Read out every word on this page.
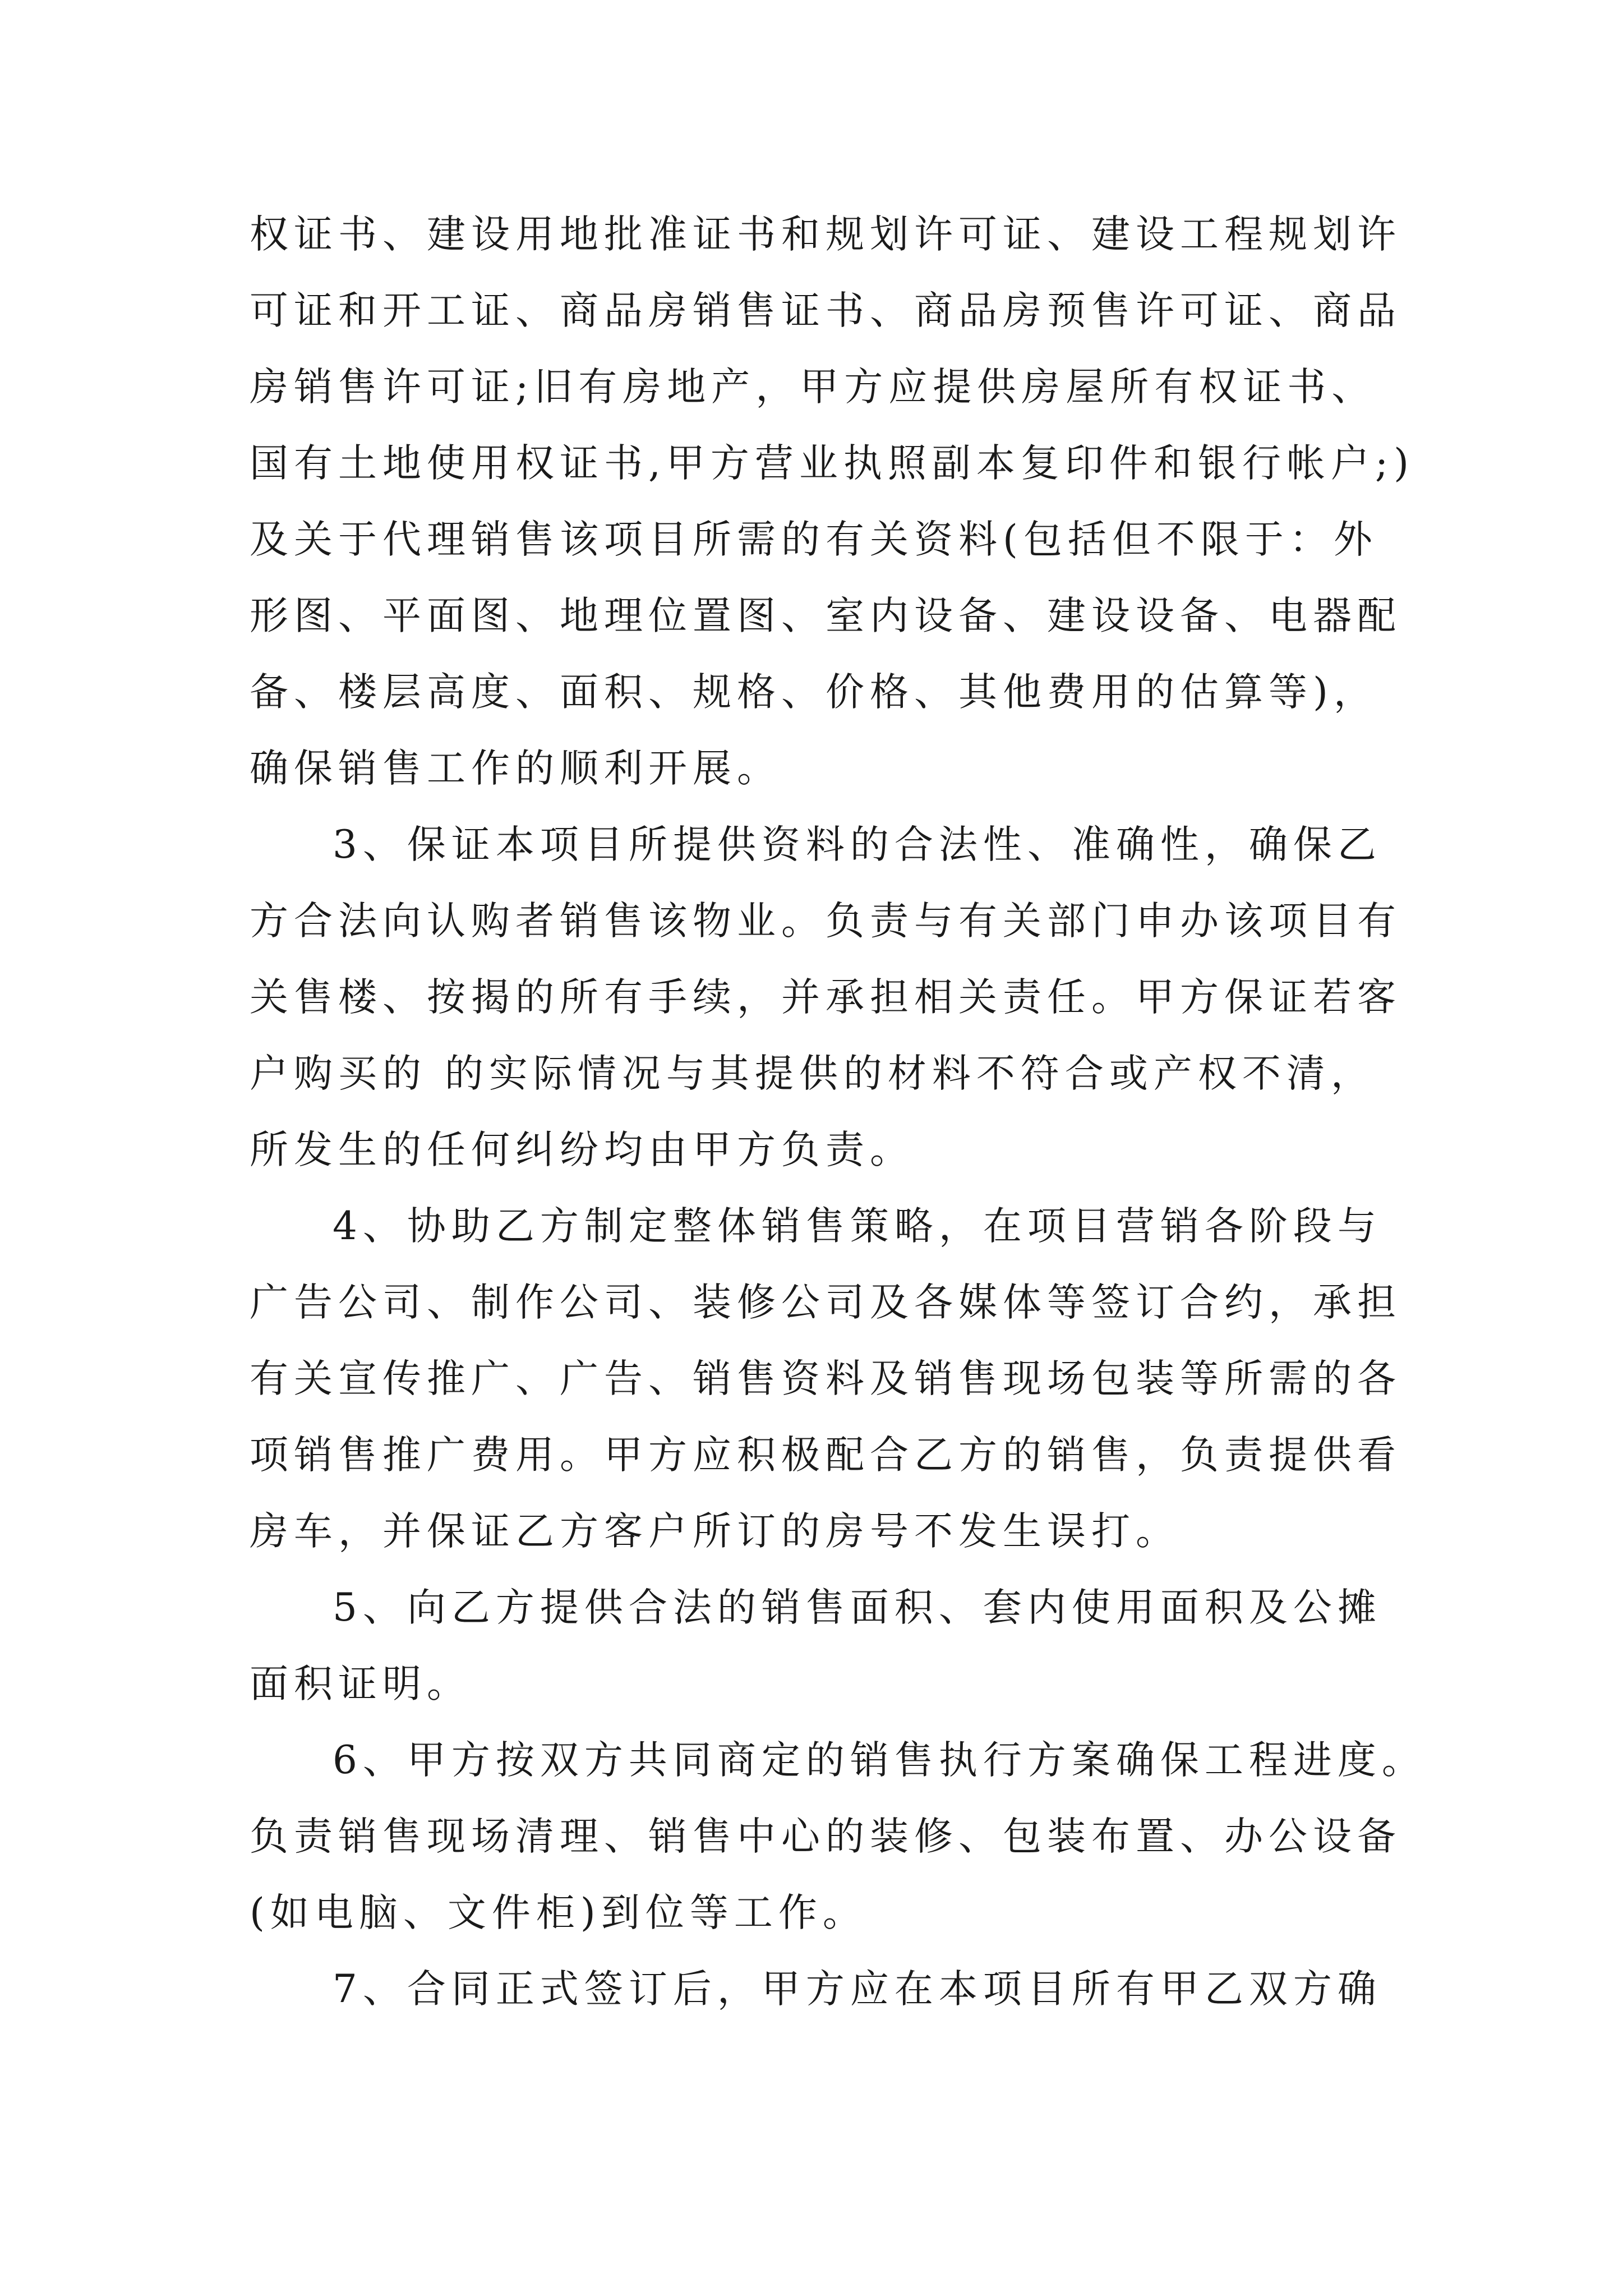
权证书、建设用地批准证书和规划许可证、建设工程规划许
可证和开工证、商品房销售证书、商品房预售许可证、商品
房销售许可证;旧有房地产，甲方应提供房屋所有权证书、
国有土地使用权证书,甲方营业执照副本复印件和银行帐户;)
及关于代理销售该项目所需的有关资料(包括但不限于：外
形图、平面图、地理位置图、室内设备、建设设备、电器配
备、楼层高度、面积、规格、价格、其他费用的估算等)，
确保销售工作的顺利开展。
3、保证本项目所提供资料的合法性、准确性，确保乙
方合法向认购者销售该物业。负责与有关部门申办该项目有
关售楼、按揭的所有手续，并承担相关责任。甲方保证若客
户购买的 的实际情况与其提供的材料不符合或产权不清，
所发生的任何纠纷均由甲方负责。
4、协助乙方制定整体销售策略，在项目营销各阶段与
广告公司、制作公司、装修公司及各媒体等签订合约，承担
有关宣传推广、广告、销售资料及销售现场包装等所需的各
项销售推广费用。甲方应积极配合乙方的销售，负责提供看
房车，并保证乙方客户所订的房号不发生误打。
5、向乙方提供合法的销售面积、套内使用面积及公摊
面积证明。
6、甲方按双方共同商定的销售执行方案确保工程进度。
负责销售现场清理、销售中心的装修、包装布置、办公设备
(如电脑、文件柜)到位等工作。
7、合同正式签订后，甲方应在本项目所有甲乙双方确
